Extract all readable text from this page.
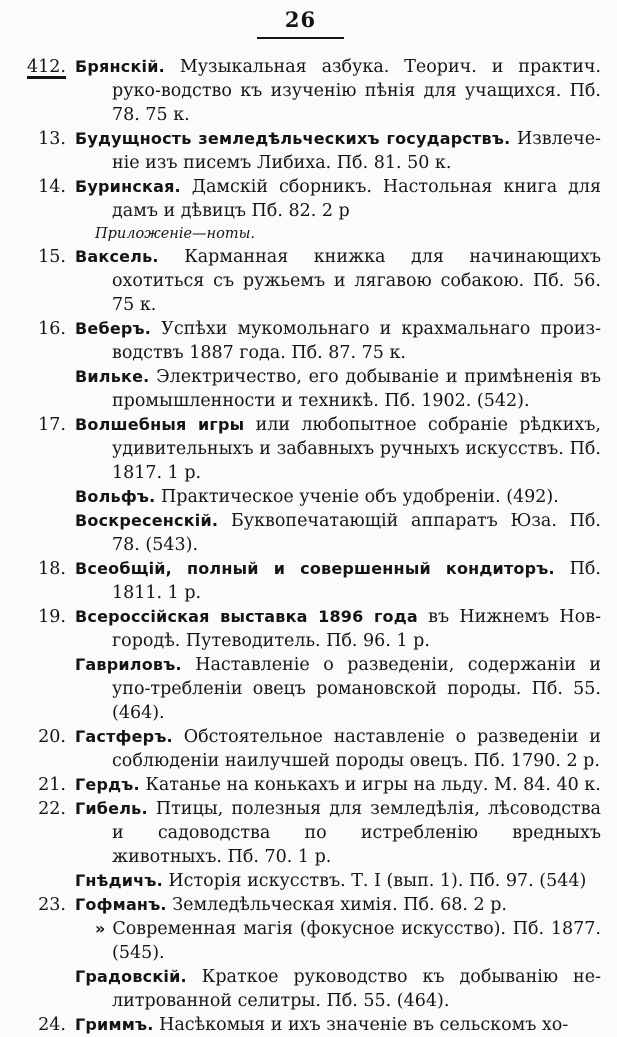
26
412. Брянскій. Музыкальная азбука. Теорич. и практич. руко-водство къ изученію пѣнія для учащихся. Пб. 78. 75 к.
13. Будущность земледѣльческихъ государствъ. Извлече-ніе изъ писемъ Либиха. Пб. 81. 50 к.
14. Буринская. Дамскій сборникъ. Настольная книга для дамъ и дѣвицъ Пб. 82. 2 р
Приложеніе—ноты.
15. Ваксель. Карманная книжка для начинающихъ охотиться съ ружьемъ и лягавою собакою. Пб. 56. 75 к.
16. Веберъ. Успѣхи мукомольнаго и крахмальнаго произ-водствъ 1887 года. Пб. 87. 75 к.
Вильке. Электричество, его добываніе и примѣненія въ промышленности и техникѣ. Пб. 1902. (542).
17. Волшебныя игры или любопытное собраніе рѣдкихъ, удивительныхъ и забавныхъ ручныхъ искусствъ. Пб. 1817. 1 р.
Вольфъ. Практическое ученіе объ удобреніи. (492).
Воскресенскій. Буквопечатающій аппаратъ Юза. Пб. 78. (543).
18. Всеобщій, полный и совершенный кондиторъ. Пб. 1811. 1 р.
19. Всероссійская выставка 1896 года въ Нижнемъ Нов-городѣ. Путеводитель. Пб. 96. 1 р.
Гавриловъ. Наставленіе о разведеніи, содержаніи и упо-требленіи овецъ романовской породы. Пб. 55. (464).
20. Гастферъ. Обстоятельное наставленіе о разведеніи и соблюденіи наилучшей породы овецъ. Пб. 1790. 2 р.
21. Гердъ. Катанье на конькахъ и игры на льду. М. 84. 40 к.
22. Гибель. Птицы, полезныя для земледѣлія, лѣсоводства и садоводства по истребленію вредныхъ животныхъ. Пб. 70. 1 р.
Гнѣдичъ. Исторія искусствъ. Т. I (вып. 1). Пб. 97. (544)
23. Гофманъ. Земледѣльческая химія. Пб. 68. 2 р.
» Современная магія (фокусное искусство). Пб. 1877. (545).
Градовскій. Краткое руководство къ добыванію не-литрованной селитры. Пб. 55. (464).
24. Гриммъ. Насѣкомыя и ихъ значеніе въ сельскомъ хо-
